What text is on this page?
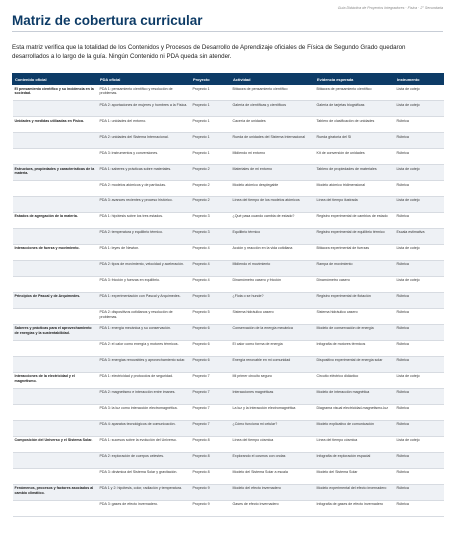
Guía Didáctica de Proyectos Integradores · Física · 2° Secundaria
Matriz de cobertura curricular

Esta matriz verifica que la totalidad de los Contenidos y Procesos de Desarrollo de Aprendizaje oficiales de Física de Segundo Grado quedaron desarrollados a lo largo de la guía. Ningún Contenido ni PDA queda sin atender.

Contenido oficial	PDA oficial	Proyecto	Actividad	Evidencia esperada	Instrumento
El pensamiento científico y su incidencia en la sociedad.	PDA 1: pensamiento científico y resolución de problemas.	Proyecto 1	Bitácora de pensamiento científico	Bitácora de pensamiento científico	Lista de cotejo
	PDA 2: aportaciones de mujeres y hombres a la Física.	Proyecto 1	Galería de científicas y científicos	Galería de tarjetas biográficas	Lista de cotejo
Unidades y medidas utilizadas en Física.	PDA 1: unidades del entorno.	Proyecto 1	Cacería de unidades	Tablero de clasificación de unidades	Rúbrica
	PDA 2: unidades del Sistema Internacional.	Proyecto 1	Rueda de unidades del Sistema Internacional	Rueda giratoria del SI	Rúbrica
	PDA 3: instrumentos y conversiones.	Proyecto 1	Midiendo mi entorno	Kit de conversión de unidades	Rúbrica
Estructura, propiedades y características de la materia.	PDA 1: saberes y prácticas sobre materiales.	Proyecto 2	Materiales de mi entorno	Tablero de propiedades de materiales	Lista de cotejo
	PDA 2: modelos atómicos y de partículas.	Proyecto 2	Modelo atómico desplegable	Modelo atómico tridimensional	Rúbrica
	PDA 3: avances recientes y proceso histórico.	Proyecto 2	Línea del tiempo de los modelos atómicos	Línea del tiempo ilustrada	Lista de cotejo
Estados de agregación de la materia.	PDA 1: hipótesis sobre los tres estados.	Proyecto 3	¿Qué pasa cuando cambia de estado?	Registro experimental de cambios de estado	Rúbrica
	PDA 2: temperatura y equilibrio térmico.	Proyecto 3	Equilibrio térmico	Registro experimental de equilibrio térmico	Escala estimativa
Interacciones de fuerza y movimiento.	PDA 1: leyes de Newton.	Proyecto 4	Acción y reacción en la vida cotidiana	Bitácora experimental de fuerzas	Lista de cotejo
	PDA 2: tipos de movimiento, velocidad y aceleración.	Proyecto 4	Midiendo el movimiento	Rampa de movimiento	Rúbrica
	PDA 3: fricción y fuerzas en equilibrio.	Proyecto 4	Dinamómetro casero y fricción	Dinamómetro casero	Lista de cotejo
Principios de Pascal y de Arquímedes.	PDA 1: experimentación con Pascal y Arquímedes.	Proyecto 5	¿Flota o se hunde?	Registro experimental de flotación	Rúbrica
	PDA 2: dispositivos cotidianos y resolución de problemas.	Proyecto 5	Sistema hidráulico casero	Sistema hidráulico casero	Rúbrica
Saberes y prácticas para el aprovechamiento de energías y la sustentabilidad.	PDA 1: energía mecánica y su conservación.	Proyecto 6	Conservación de la energía mecánica	Modelo de conservación de energía	Rúbrica
	PDA 2: el calor como energía y motores térmicos.	Proyecto 6	El calor como forma de energía	Infografía de motores térmicos	Rúbrica
	PDA 3: energías renovables y aprovechamiento solar.	Proyecto 6	Energía renovable en mi comunidad	Dispositivo experimental de energía solar	Rúbrica
Interacciones de la electricidad y el magnetismo.	PDA 1: electricidad y protocolos de seguridad.	Proyecto 7	Mi primer circuito seguro	Circuito eléctrico didáctico	Lista de cotejo
	PDA 2: magnetismo e interacción entre imanes.	Proyecto 7	Interacciones magnéticas	Modelo de interacción magnética	Rúbrica
	PDA 3: la luz como interacción electromagnética.	Proyecto 7	La luz y la interacción electromagnética	Diagrama visual electricidad-magnetismo-luz	Rúbrica
	PDA 4: aparatos tecnológicos de comunicación.	Proyecto 7	¿Cómo funciona mi celular?	Modelo explicativo de comunicación	Rúbrica
Composición del Universo y el Sistema Solar.	PDA 1: sucesos sobre la evolución del Universo.	Proyecto 8	Línea del tiempo cósmica	Línea del tiempo cósmica	Lista de cotejo
	PDA 2: exploración de cuerpos celestes.	Proyecto 8	Explorando el cosmos con ondas	Infografía de exploración espacial	Rúbrica
	PDA 3: dinámica del Sistema Solar y gravitación.	Proyecto 8	Modelo del Sistema Solar a escala	Modelo del Sistema Solar	Rúbrica
Fenómenos, procesos y factores asociados al cambio climático.	PDA 1 y 2: hipótesis, color, radiación y temperatura.	Proyecto 9	Modelo del efecto invernadero	Modelo experimental del efecto invernadero	Rúbrica
	PDA 3: gases de efecto invernadero.	Proyecto 9	Gases de efecto invernadero	Infografía de gases de efecto invernadero	Rúbrica
